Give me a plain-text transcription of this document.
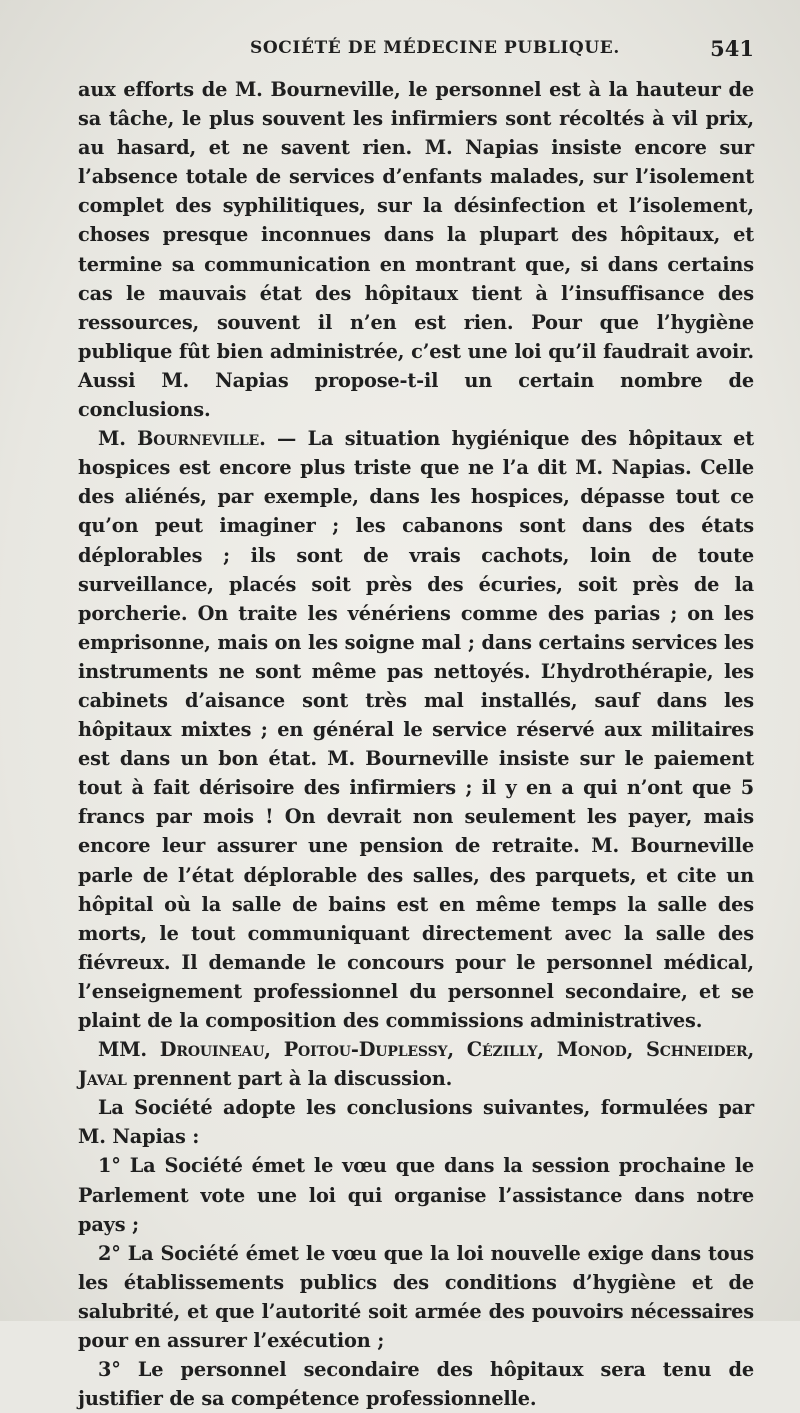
SOCIÉTÉ DE MÉDECINE PUBLIQUE.	541

aux efforts de M. Bourneville, le personnel est à la hauteur de sa tâche, le plus souvent les infirmiers sont récoltés à vil prix, au hasard, et ne savent rien. M. Napias insiste encore sur l’absence totale de services d’enfants malades, sur l’isolement complet des syphilitiques, sur la désinfection et l’isolement, choses presque inconnues dans la plupart des hôpitaux, et termine sa communication en montrant que, si dans certains cas le mauvais état des hôpitaux tient à l’insuffisance des ressources, souvent il n’en est rien. Pour que l’hygiène publique fût bien administrée, c’est une loi qu’il faudrait avoir. Aussi M. Napias propose-t-il un certain nombre de conclusions.

M. Bourneville. — La situation hygiénique des hôpitaux et hospices est encore plus triste que ne l’a dit M. Napias. Celle des aliénés, par exemple, dans les hospices, dépasse tout ce qu’on peut imaginer ; les cabanons sont dans des états déplorables ; ils sont de vrais cachots, loin de toute surveillance, placés soit près des écuries, soit près de la porcherie. On traite les vénériens comme des parias ; on les emprisonne, mais on les soigne mal ; dans certains services les instruments ne sont même pas nettoyés. L’hydrothérapie, les cabinets d’aisance sont très mal installés, sauf dans les hôpitaux mixtes ; en général le service réservé aux militaires est dans un bon état. M. Bourneville insiste sur le paiement tout à fait dérisoire des infirmiers ; il y en a qui n’ont que 5 francs par mois ! On devrait non seulement les payer, mais encore leur assurer une pension de retraite. M. Bourneville parle de l’état déplorable des salles, des parquets, et cite un hôpital où la salle de bains est en même temps la salle des morts, le tout communiquant directement avec la salle des fiévreux. Il demande le concours pour le personnel médical, l’enseignement professionnel du personnel secondaire, et se plaint de la composition des commissions administratives.

MM. Drouineau, Poitou-Duplessy, Cézilly, Monod, Schneider, Javal prennent part à la discussion.

La Société adopte les conclusions suivantes, formulées par M. Napias :

1° La Société émet le vœu que dans la session prochaine le Parlement vote une loi qui organise l’assistance dans notre pays ;

2° La Société émet le vœu que la loi nouvelle exige dans tous les établissements publics des conditions d’hygiène et de salubrité, et que l’autorité soit armée des pouvoirs nécessaires pour en assurer l’exécution ;

3° Le personnel secondaire des hôpitaux sera tenu de justifier de sa compétence professionnelle.
